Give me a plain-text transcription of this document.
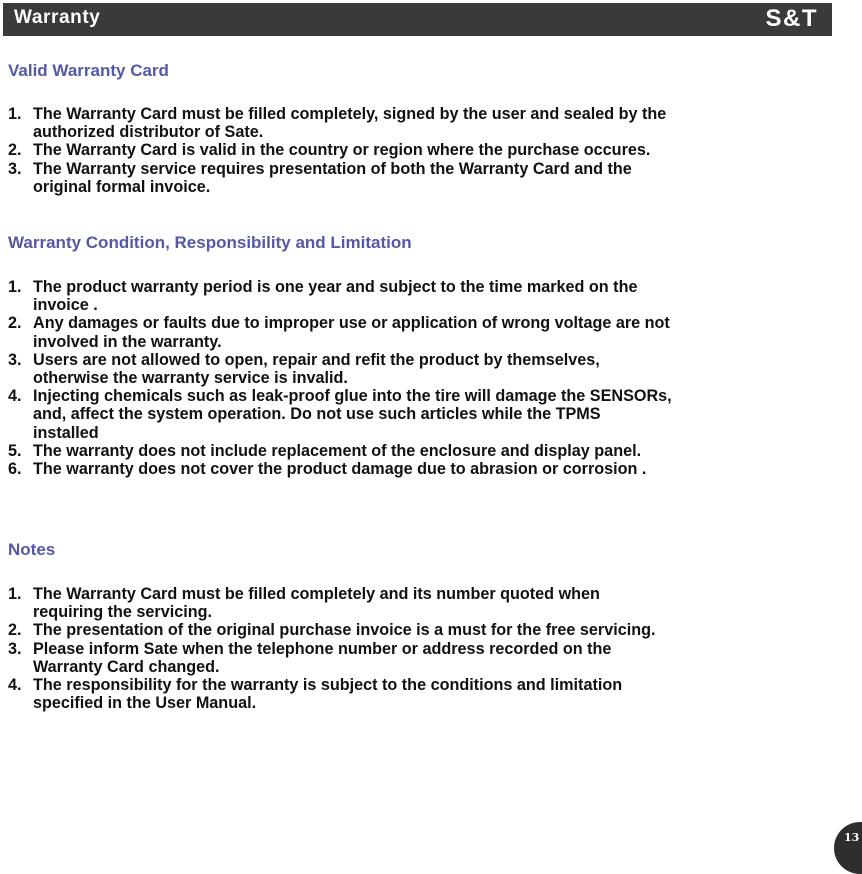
Warranty	S&T
Valid Warranty Card
1. The Warranty Card must be filled completely, signed by the user and sealed by the
authorized distributor of Sate.
2. The Warranty Card is valid in the country or region where the purchase occures.
3. The Warranty service requires presentation of both the Warranty Card and the
original formal invoice.
Warranty Condition, Responsibility and Limitation
1. The product warranty period is one year and subject to the time marked on the
invoice .
2. Any damages or faults due to improper use or application of wrong voltage are not
involved in the warranty.
3. Users are not allowed to open, repair and refit the product by themselves,
otherwise the warranty service is invalid.
4. Injecting chemicals such as leak-proof glue into the tire will damage the SENSORs,
and, affect the system operation. Do not use such articles while the TPMS
installed
5. The warranty does not include replacement of the enclosure and display panel.
6. The warranty does not cover the product damage due to abrasion or corrosion .
Notes
1. The Warranty Card must be filled completely and its number quoted when
requiring the servicing.
2. The presentation of the original purchase invoice is a must for the free servicing.
3. Please inform Sate when the telephone number or address recorded on the
Warranty Card changed.
4. The responsibility for the warranty is subject to the conditions and limitation
specified in the User Manual.
13
